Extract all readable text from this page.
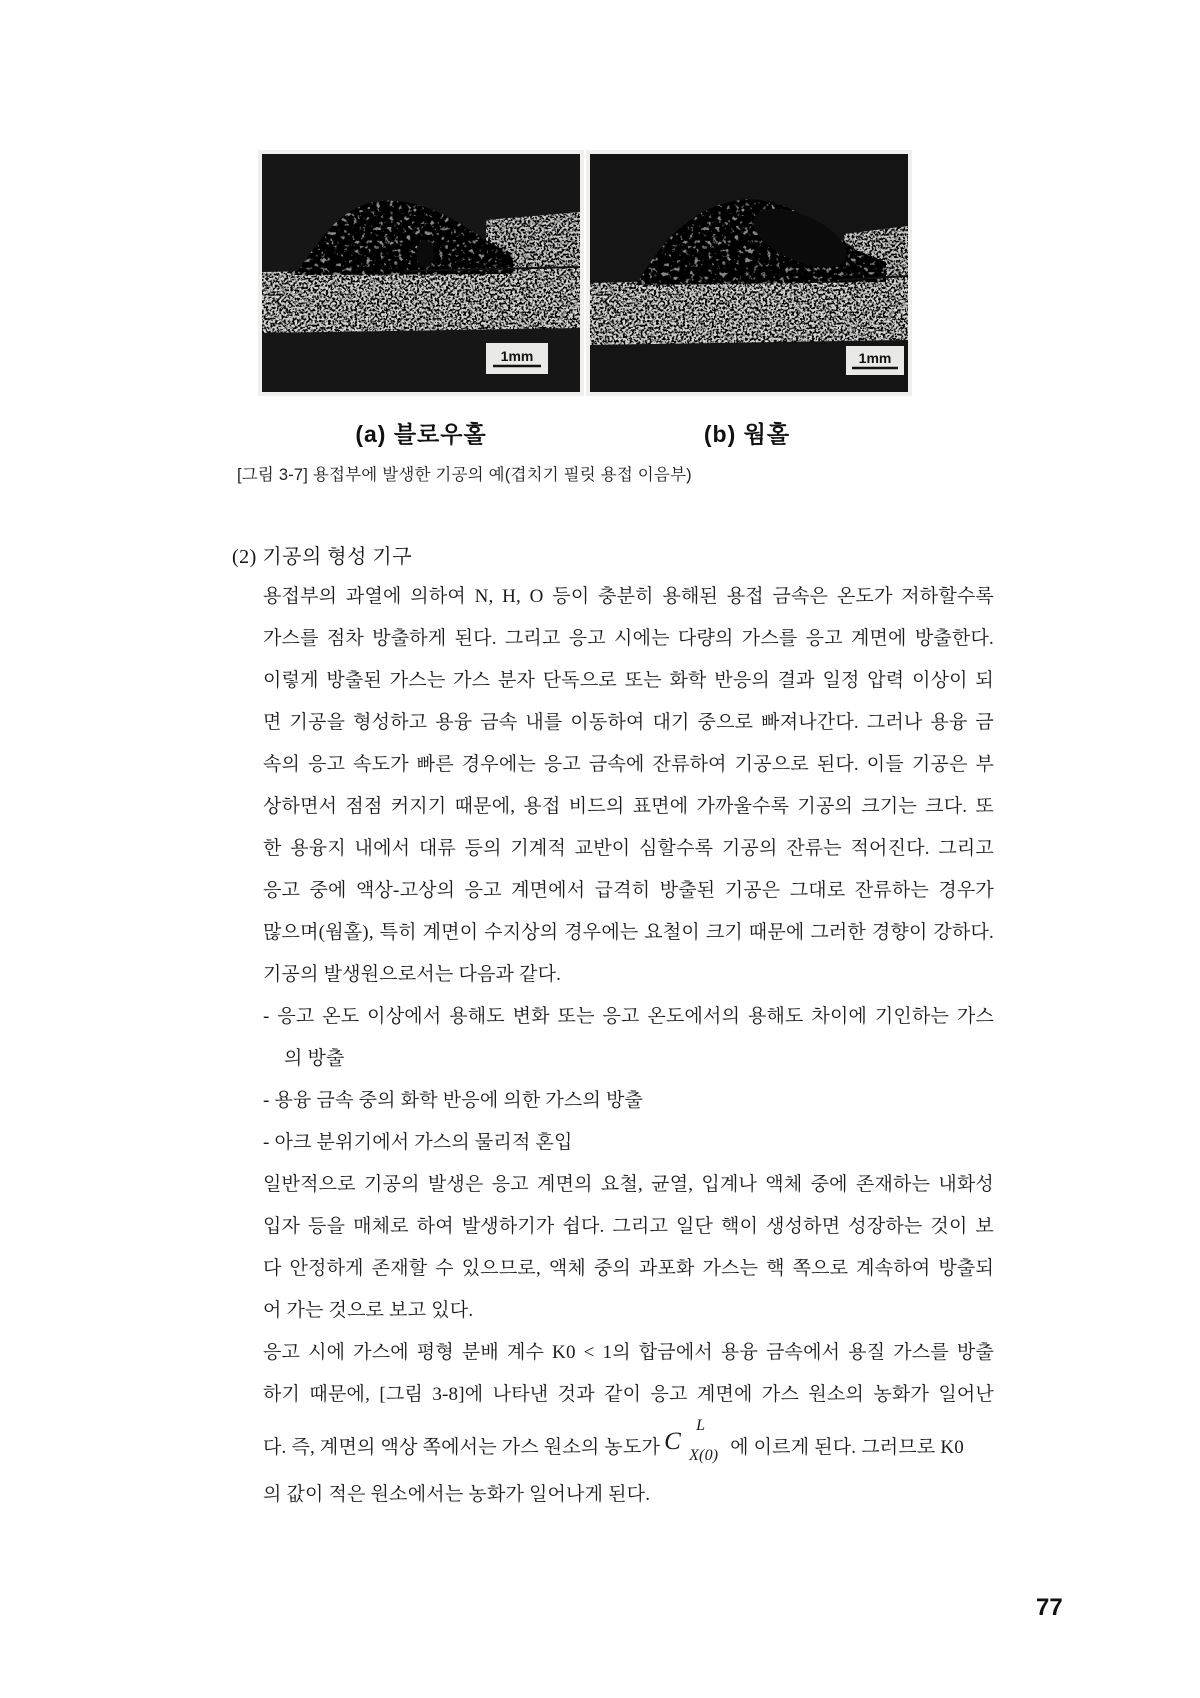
1mm	1mm
(a) 블로우홀	(b) 웜홀
[그림 3-7] 용접부에 발생한 기공의 예(겹치기 필릿 용접 이음부)
(2) 기공의 형성 기구
용접부의 과열에 의하여 N, H, O 등이 충분히 용해된 용접 금속은 온도가 저하할수록
가스를 점차 방출하게 된다. 그리고 응고 시에는 다량의 가스를 응고 계면에 방출한다.
이렇게 방출된 가스는 가스 분자 단독으로 또는 화학 반응의 결과 일정 압력 이상이 되
면 기공을 형성하고 용융 금속 내를 이동하여 대기 중으로 빠져나간다. 그러나 용융 금
속의 응고 속도가 빠른 경우에는 응고 금속에 잔류하여 기공으로 된다. 이들 기공은 부
상하면서 점점 커지기 때문에, 용접 비드의 표면에 가까울수록 기공의 크기는 크다. 또
한 용융지 내에서 대류 등의 기계적 교반이 심할수록 기공의 잔류는 적어진다. 그리고
응고 중에 액상-고상의 응고 계면에서 급격히 방출된 기공은 그대로 잔류하는 경우가
많으며(웜홀), 특히 계면이 수지상의 경우에는 요철이 크기 때문에 그러한 경향이 강하다.
기공의 발생원으로서는 다음과 같다.
- 응고 온도 이상에서 용해도 변화 또는 응고 온도에서의 용해도 차이에 기인하는 가스
의 방출
- 용융 금속 중의 화학 반응에 의한 가스의 방출
- 아크 분위기에서 가스의 물리적 혼입
일반적으로 기공의 발생은 응고 계면의 요철, 균열, 입계나 액체 중에 존재하는 내화성
입자 등을 매체로 하여 발생하기가 쉽다. 그리고 일단 핵이 생성하면 성장하는 것이 보
다 안정하게 존재할 수 있으므로, 액체 중의 과포화 가스는 핵 쪽으로 계속하여 방출되
어 가는 것으로 보고 있다.
응고 시에 가스에 평형 분배 계수 K0 < 1의 합금에서 용융 금속에서 용질 가스를 방출
하기 때문에, [그림 3-8]에 나타낸 것과 같이 응고 계면에 가스 원소의 농화가 일어난
다. 즉, 계면의 액상 쪽에서는 가스 원소의 농도가 C
L
X(0) 에 이르게 된다. 그러므로 K0
의 값이 적은 원소에서는 농화가 일어나게 된다.
77
